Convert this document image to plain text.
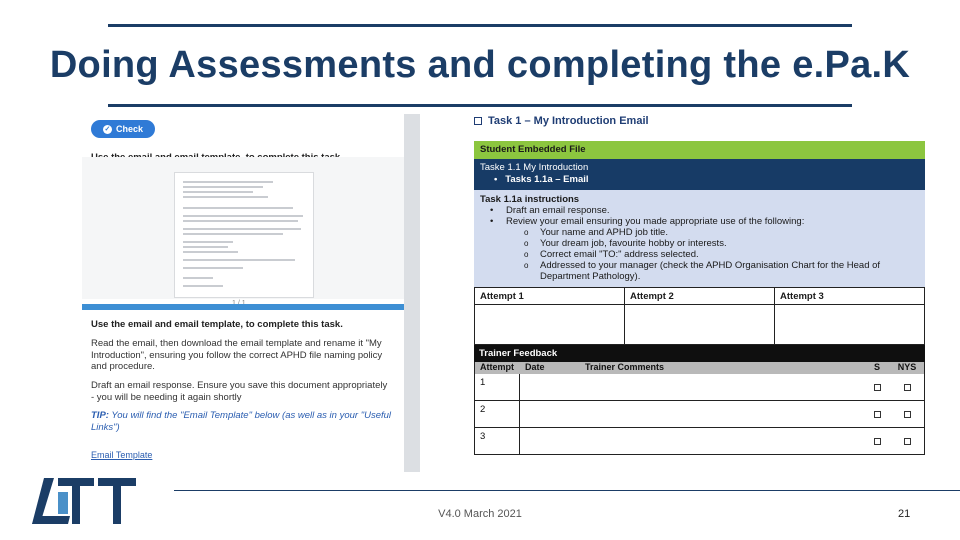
Doing Assessments and completing the e.Pa.K
✓ Check
Use the email and email template, to complete this task.
Read the email, then download the email template and rename it "My Introduction", ensuring you follow the correct APHD file naming policy and procedure.
Draft an email response. Ensure you save this document appropriately - you will be needing it again shortly
TIP: You will find the "Email Template" below (as well as in your "Useful Links")
Email Template
Task 1 – My Introduction Email
Student Embedded File
Taske 1.1 My Introduction
•   Tasks 1.1a – Email
Task 1.1a instructions
• Draft an email response.
• Review your email ensuring you made appropriate use of the following:
o Your name and APHD job title.
o Your dream job, favourite hobby or interests.
o Correct email "TO:" address selected.
o Addressed to your manager (check the APHD Organisation Chart for the Head of Department Pathology).
Attempt 1	Attempt 2	Attempt 3
Trainer Feedback
Attempt	Date	Trainer Comments	S	NYS
1
2
3
V4.0 March 2021	21
